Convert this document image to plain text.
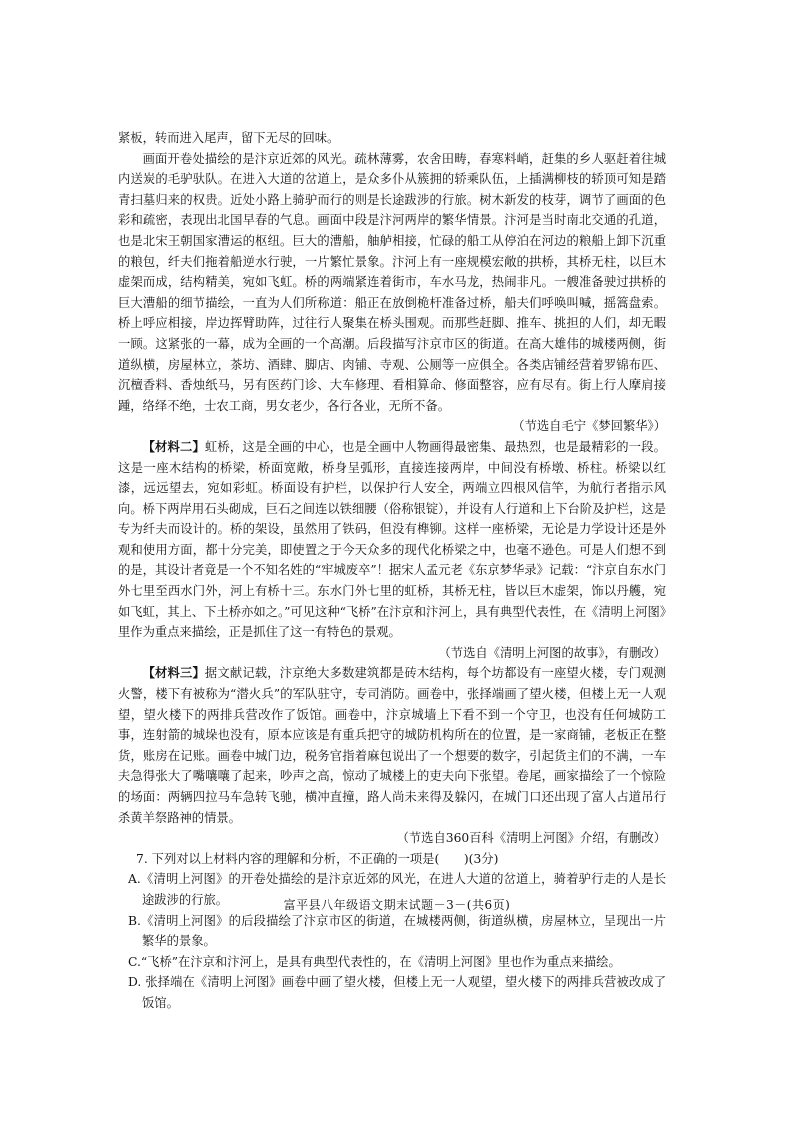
紧板，转而进入尾声，留下无尽的回味。

画面开卷处描绘的是汴京近郊的风光。疏林薄雾，农舍田畴，春寒料峭，赶集的乡人驱赶着往城内送炭的毛驴驮队。在进入大道的岔道上，是众多仆从簇拥的轿乘队伍，上插满柳枝的轿顶可知是踏青扫墓归来的权贵。近处小路上骑驴而行的则是长途跋涉的行旅。树木新发的枝芽，调节了画面的色彩和疏密，表现出北国早春的气息。画面中段是汴河两岸的繁华情景。汴河是当时南北交通的孔道，也是北宋王朝国家漕运的枢纽。巨大的漕船，舳舻相接，忙碌的船工从停泊在河边的粮船上卸下沉重的粮包，纤夫们拖着船逆水行驶，一片繁忙景象。汴河上有一座规模宏敞的拱桥，其桥无柱，以巨木虚架而成，结构精美，宛如飞虹。桥的两端紧连着街市，车水马龙，热闹非凡。一艘准备驶过拱桥的巨大漕船的细节描绘，一直为人们所称道：船正在放倒桅杆准备过桥，船夫们呼唤叫喊，摇篙盘索。桥上呼应相接，岸边挥臂助阵，过往行人聚集在桥头围观。而那些赶脚、推车、挑担的人们，却无暇一顾。这紧张的一幕，成为全画的一个高潮。后段描写汴京市区的街道。在高大雄伟的城楼两侧，街道纵横，房屋林立，茶坊、酒肆、脚店、肉铺、寺观、公厕等一应俱全。各类店铺经营着罗锦布匹、沉檀香料、香烛纸马，另有医药门诊、大车修理、看相算命、修面整容，应有尽有。街上行人摩肩接踵，络绎不绝，士农工商，男女老少，各行各业，无所不备。

（节选自毛宁《梦回繁华》）

【材料二】虹桥，这是全画的中心，也是全画中人物画得最密集、最热烈，也是最精彩的一段。这是一座木结构的桥梁，桥面宽敞，桥身呈弧形，直接连接两岸，中间没有桥墩、桥柱。桥梁以红漆，远远望去，宛如彩虹。桥面设有护栏，以保护行人安全，两端立四根风信竿，为航行者指示风向。桥下两岸用石头砌成，巨石之间连以铁细腰（俗称银锭），并设有人行道和上下台阶及护栏，这是专为纤夫而设计的。桥的架设，虽然用了铁码，但没有榫铆。这样一座桥梁，无论是力学设计还是外观和使用方面，都十分完美，即使置之于今天众多的现代化桥梁之中，也毫不逊色。可是人们想不到的是，其设计者竟是一个不知名姓的“牢城废卒”！据宋人孟元老《东京梦华录》记载：“汴京自东水门外七里至西水门外，河上有桥十三。东水门外七里的虹桥，其桥无柱，皆以巨木虚架，饰以丹艧，宛如飞虹，其上、下土桥亦如之。”可见这种“飞桥”在汴京和汴河上，具有典型代表性，在《清明上河图》里作为重点来描绘，正是抓住了这一有特色的景观。

（节选自《清明上河图的故事》，有删改）

【材料三】据文献记载，汴京绝大多数建筑都是砖木结构，每个坊都设有一座望火楼，专门观测火警，楼下有被称为“潜火兵”的军队驻守，专司消防。画卷中，张择端画了望火楼，但楼上无一人观望，望火楼下的两排兵营改作了饭馆。画卷中，汴京城墙上下看不到一个守卫，也没有任何城防工事，连射箭的城垛也没有，原本应该是有重兵把守的城防机构所在的位置，是一家商铺，老板正在整货，账房在记账。画卷中城门边，税务官指着麻包说出了一个想要的数字，引起货主们的不满，一车夫急得张大了嘴嚷嚷了起来，吵声之高，惊动了城楼上的吏夫向下张望。卷尾，画家描绘了一个惊险的场面：两辆四拉马车急转飞驰，横冲直撞，路人尚未来得及躲闪，在城门口还出现了富人占道吊行杀黄羊祭路神的情景。

（节选自360百科《清明上河图》介绍，有删改）

7. 下列对以上材料内容的理解和分析，不正确的一项是(　　)(3分)

A.《清明上河图》的开卷处描绘的是汴京近郊的风光，在进人大道的岔道上，骑着驴行走的人是长途跋涉的行旅。

B.《清明上河图》的后段描绘了汴京市区的街道，在城楼两侧，街道纵横，房屋林立，呈现出一片繁华的景象。

C.“飞桥”在汴京和汴河上，是具有典型代表性的，在《清明上河图》里也作为重点来描绘。

D. 张择端在《清明上河图》画卷中画了望火楼，但楼上无一人观望，望火楼下的两排兵营被改成了饭馆。

富平县八年级语文期末试题－3－(共6页)
